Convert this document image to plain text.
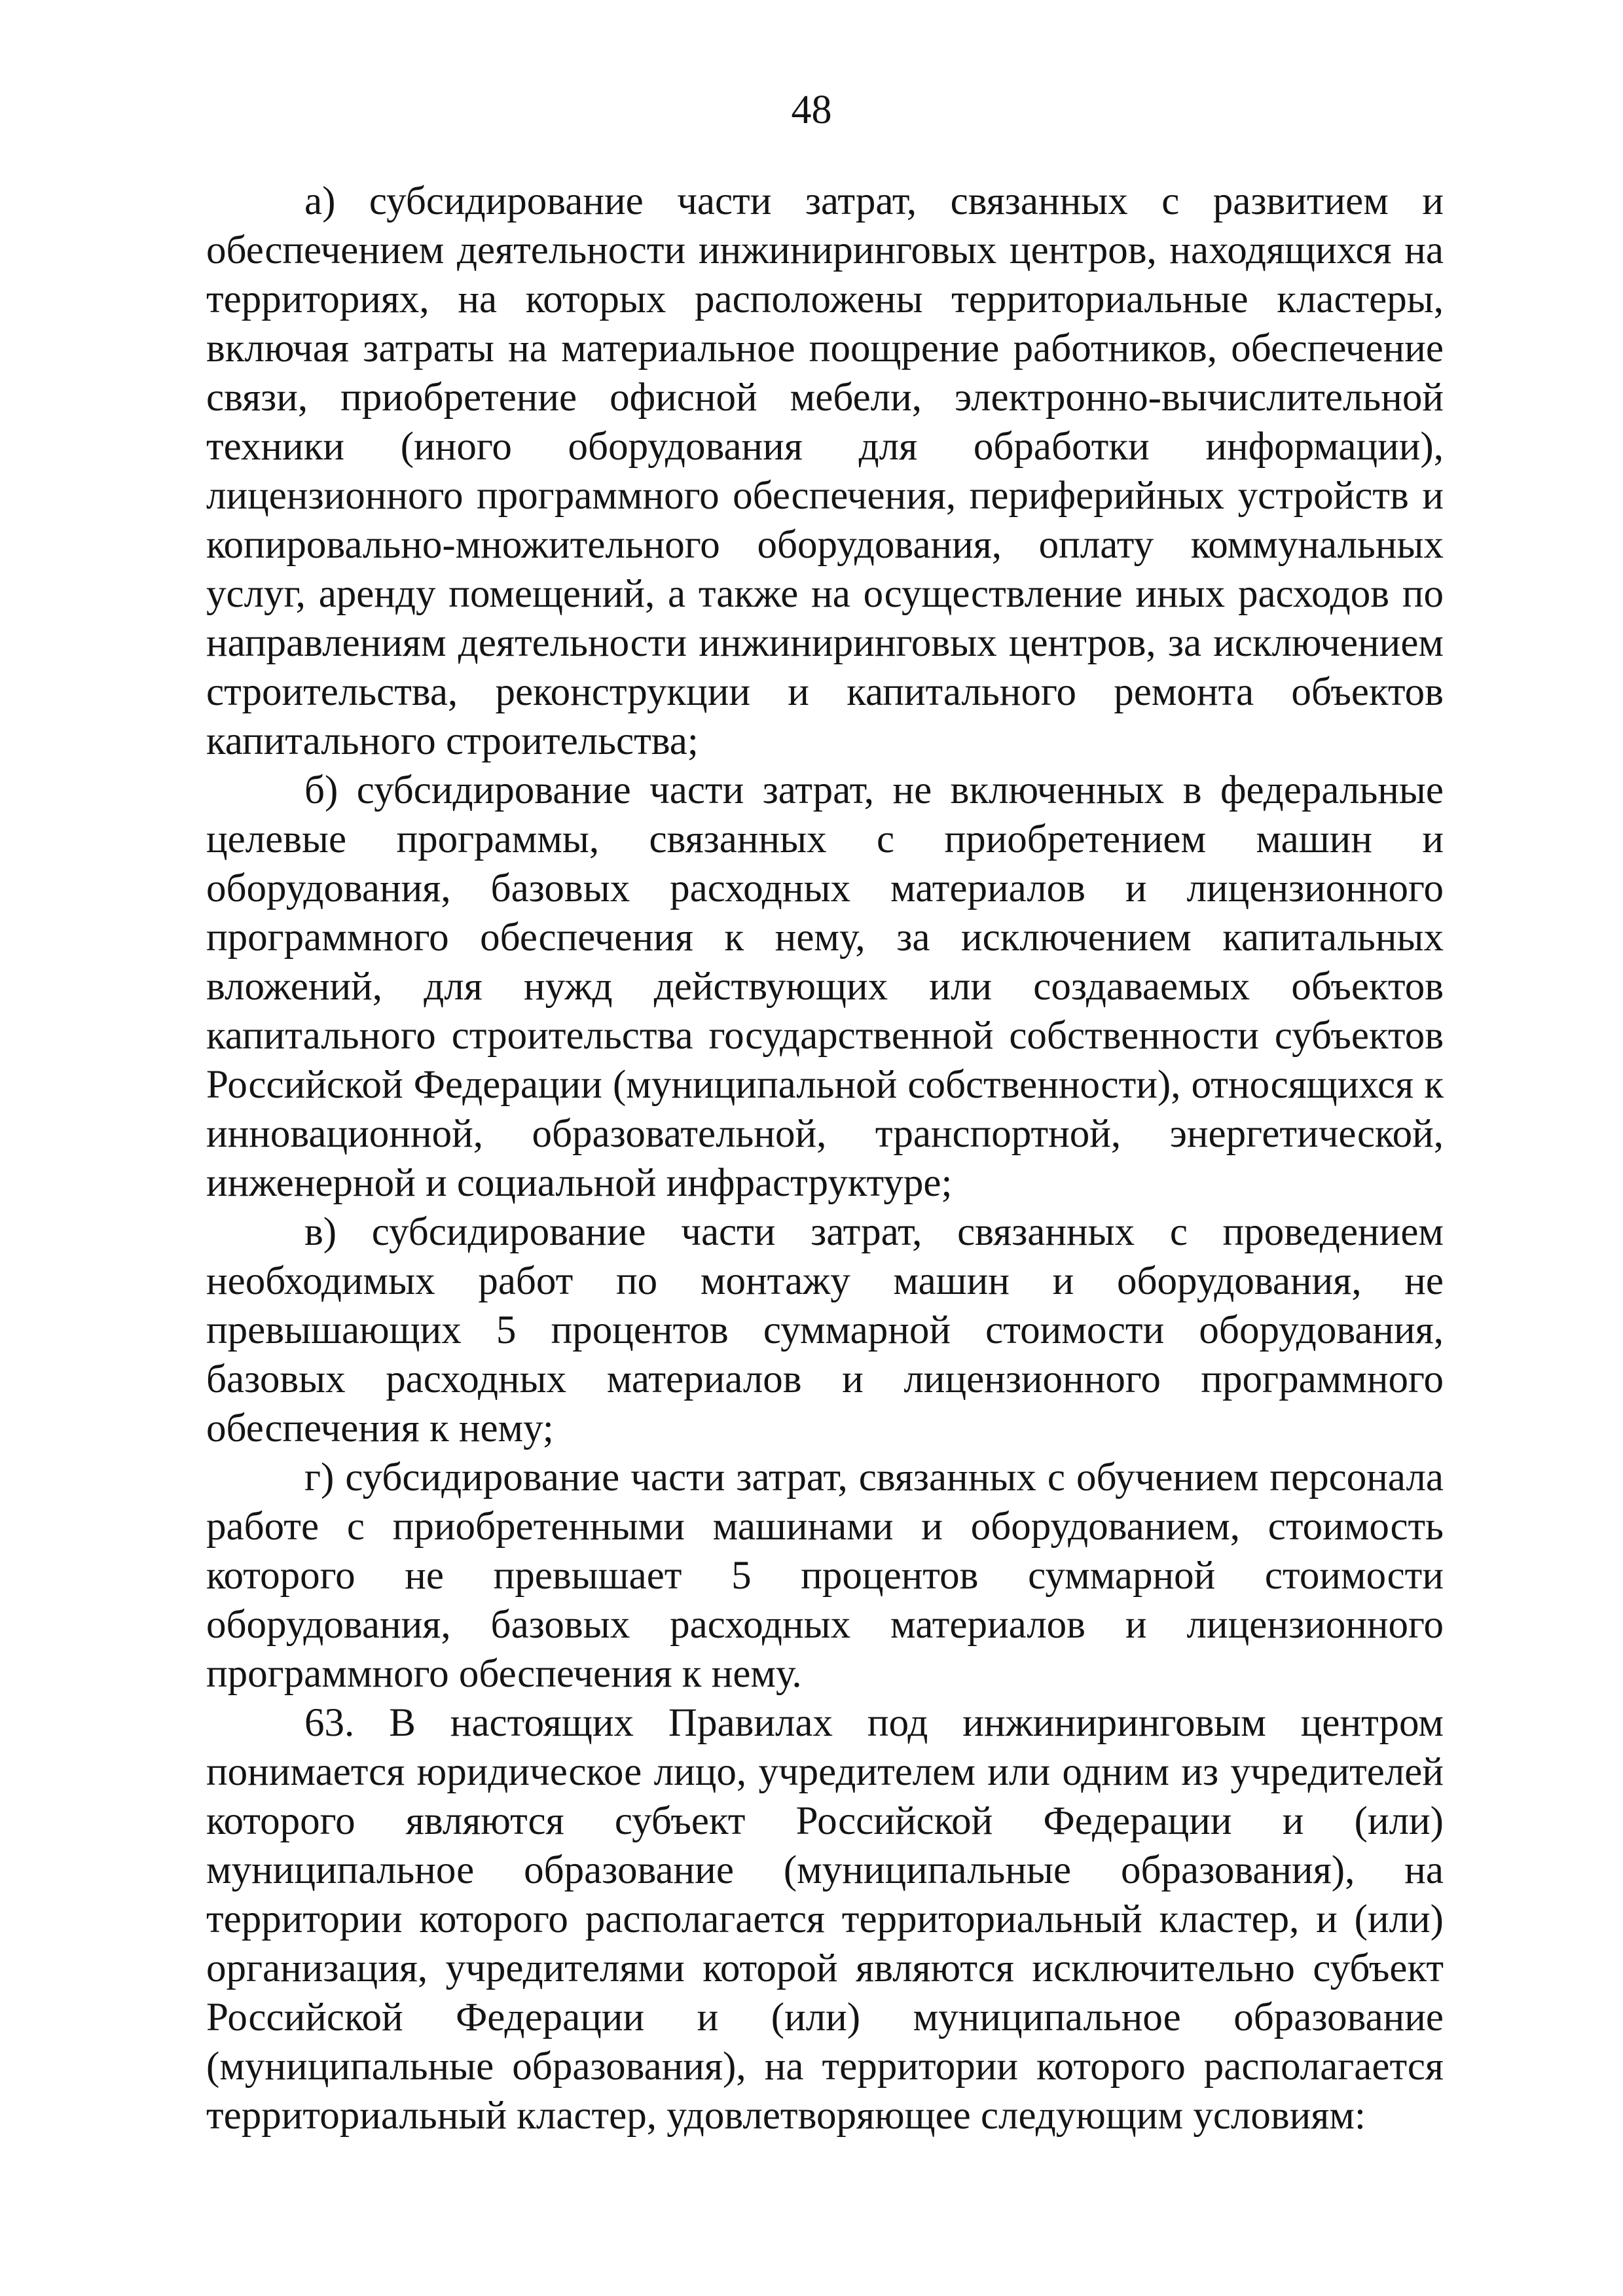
48

а) субсидирование части затрат, связанных с развитием и обеспечением деятельности инжиниринговых центров, находящихся на территориях, на которых расположены территориальные кластеры, включая затраты на материальное поощрение работников, обеспечение связи, приобретение офисной мебели, электронно-вычислительной техники (иного оборудования для обработки информации), лицензионного программного обеспечения, периферийных устройств и копировально-множительного оборудования, оплату коммунальных услуг, аренду помещений, а также на осуществление иных расходов по направлениям деятельности инжиниринговых центров, за исключением строительства, реконструкции и капитального ремонта объектов капитального строительства;

б) субсидирование части затрат, не включенных в федеральные целевые программы, связанных с приобретением машин и оборудования, базовых расходных материалов и лицензионного программного обеспечения к нему, за исключением капитальных вложений, для нужд действующих или создаваемых объектов капитального строительства государственной собственности субъектов Российской Федерации (муниципальной собственности), относящихся к инновационной, образовательной, транспортной, энергетической, инженерной и социальной инфраструктуре;

в) субсидирование части затрат, связанных с проведением необходимых работ по монтажу машин и оборудования, не превышающих 5 процентов суммарной стоимости оборудования, базовых расходных материалов и лицензионного программного обеспечения к нему;

г) субсидирование части затрат, связанных с обучением персонала работе с приобретенными машинами и оборудованием, стоимость которого не превышает 5 процентов суммарной стоимости оборудования, базовых расходных материалов и лицензионного программного обеспечения к нему.

63. В настоящих Правилах под инжиниринговым центром понимается юридическое лицо, учредителем или одним из учредителей которого являются субъект Российской Федерации и (или) муниципальное образование (муниципальные образования), на территории которого располагается территориальный кластер, и (или) организация, учредителями которой являются исключительно субъект Российской Федерации и (или) муниципальное образование (муниципальные образования), на территории которого располагается территориальный кластер, удовлетворяющее следующим условиям:
